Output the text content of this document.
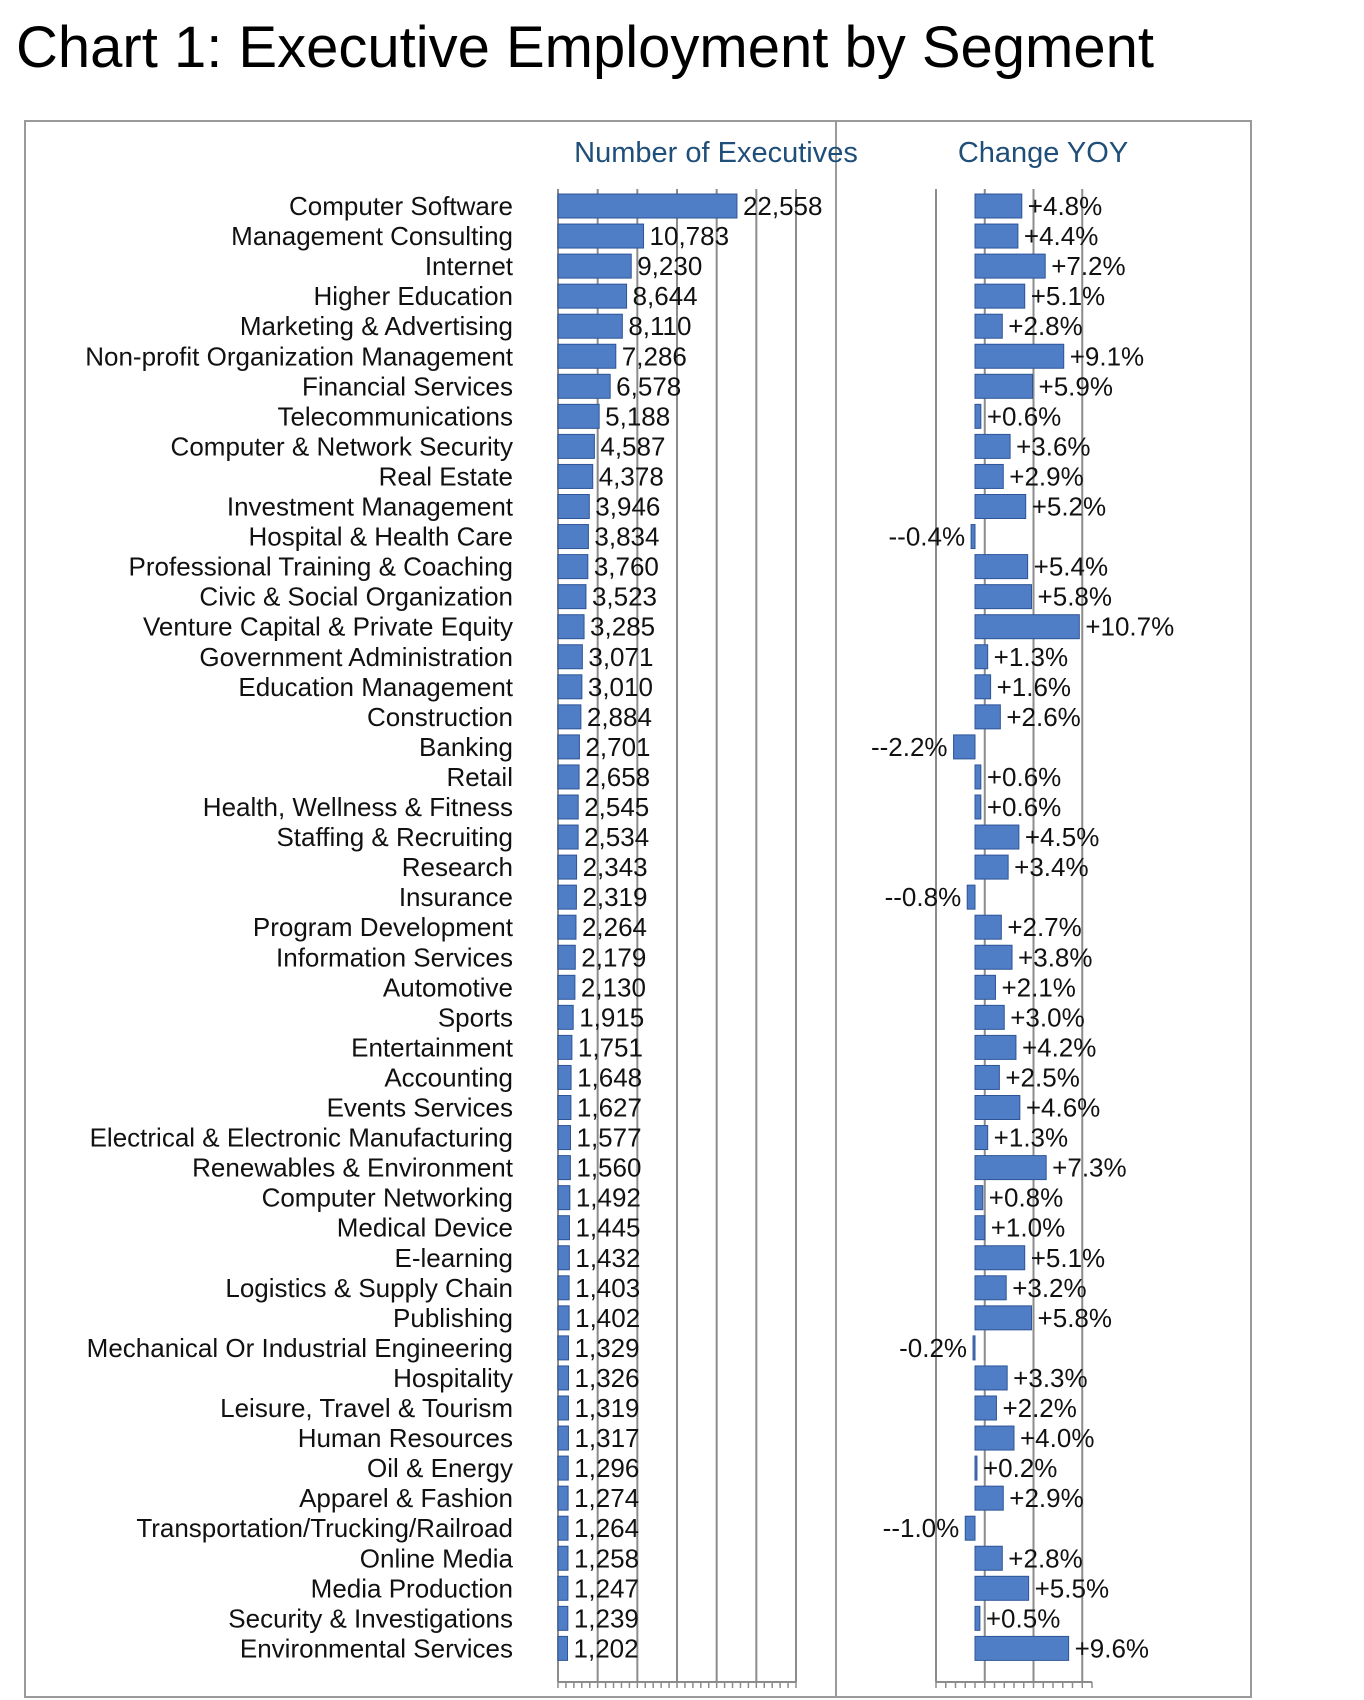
Chart 1: Executive Employment by Segment
Number of Executives	Change YOY
Computer Software
Management Consulting
Internet
Higher Education
Marketing & Advertising
Non-profit Organization Management
Financial Services
Telecommunications
Computer & Network Security
Real Estate
Investment Management
Hospital & Health Care
Professional Training & Coaching
Civic & Social Organization
Venture Capital & Private Equity
Government Administration
Education Management
Construction
Banking
Retail
Health, Wellness & Fitness
Staffing & Recruiting
Research
Insurance
Program Development
Information Services
Automotive
Sports
Entertainment
Accounting
Events Services
Electrical & Electronic Manufacturing
Renewables & Environment
Computer Networking
Medical Device
E-learning
Logistics & Supply Chain
Publishing
Mechanical Or Industrial Engineering
Hospitality
Leisure, Travel & Tourism
Human Resources
Oil & Energy
Apparel & Fashion
Transportation/Trucking/Railroad
Online Media
Media Production
Security & Investigations
Environmental Services
22,558
10,783
9,230
8,644
8,110
7,286
6,578
5,188
4,587
4,378
3,946
3,834
3,760
3,523
3,285
3,071
3,010
2,884
2,701
2,658
2,545
2,534
2,343
2,319
2,264
2,179
2,130
1,915
1,751
1,648
1,627
1,577
1,560
1,492
1,445
1,432
1,403
1,402
1,329
1,326
1,319
1,317
1,296
1,274
1,264
1,258
1,247
1,239
1,202
+4.8%
+4.4%
+7.2%
+5.1%
+2.8%
+9.1%
+5.9%
+0.6%
+3.6%
+2.9%
+5.2%
--0.4%
+5.4%
+5.8%
+10.7%
+1.3%
+1.6%
+2.6%
--2.2%
+0.6%
+0.6%
+4.5%
+3.4%
--0.8%
+2.7%
+3.8%
+2.1%
+3.0%
+4.2%
+2.5%
+4.6%
+1.3%
+7.3%
+0.8%
+1.0%
+5.1%
+3.2%
+5.8%
-0.2%
+3.3%
+2.2%
+4.0%
+0.2%
+2.9%
--1.0%
+2.8%
+5.5%
+0.5%
+9.6%
